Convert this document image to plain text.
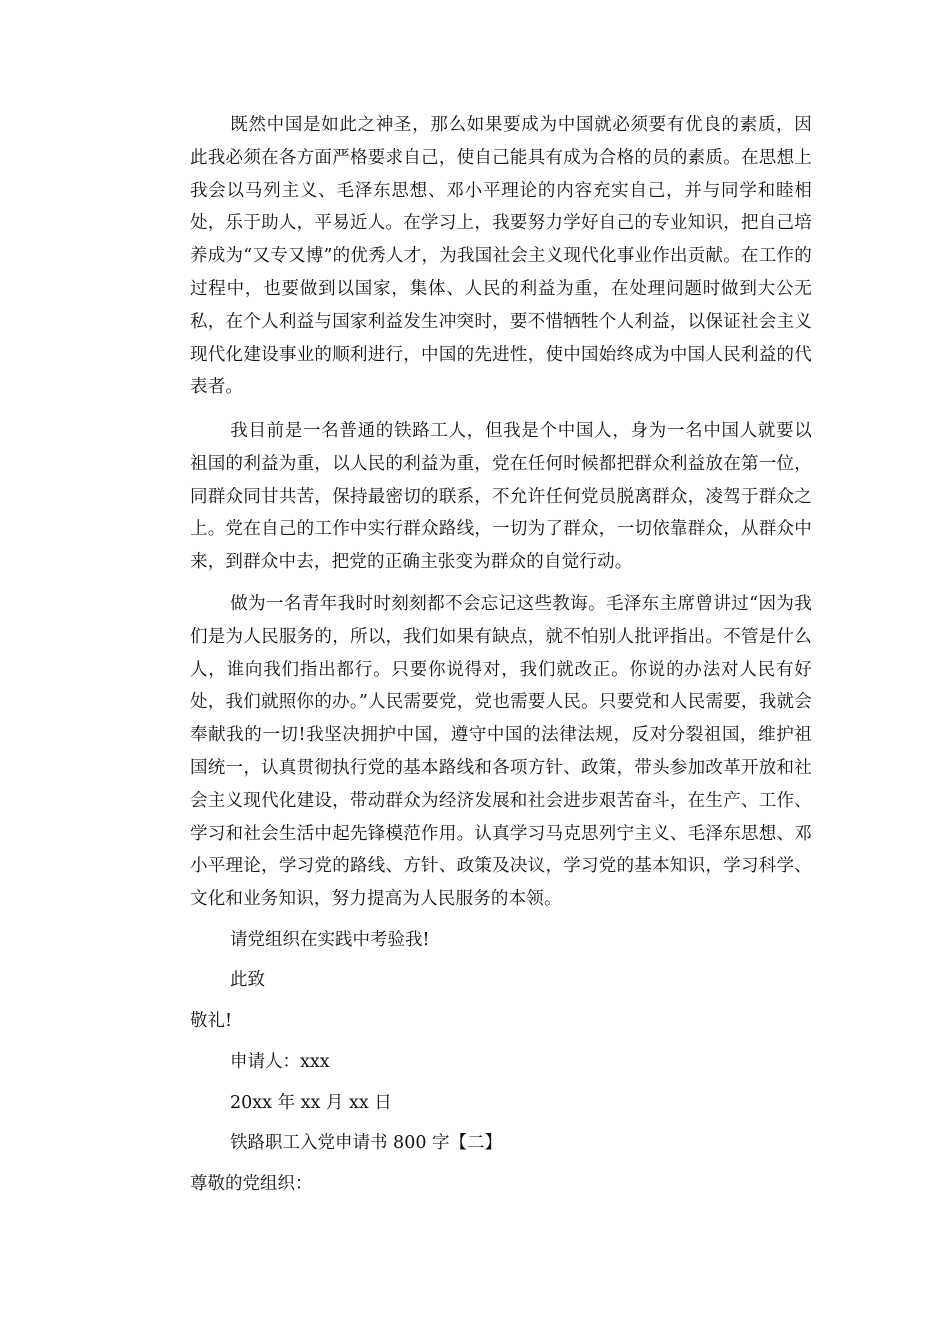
既然中国是如此之神圣，那么如果要成为中国就必须要有优良的素质，因此我必须在各方面严格要求自己，使自己能具有成为合格的员的素质。在思想上我会以马列主义、毛泽东思想、邓小平理论的内容充实自己，并与同学和睦相处，乐于助人，平易近人。在学习上，我要努力学好自己的专业知识，把自己培养成为“又专又博”的优秀人才，为我国社会主义现代化事业作出贡献。在工作的过程中，也要做到以国家，集体、人民的利益为重，在处理问题时做到大公无私，在个人利益与国家利益发生冲突时，要不惜牺牲个人利益，以保证社会主义现代化建设事业的顺利进行，中国的先进性，使中国始终成为中国人民利益的代表者。

我目前是一名普通的铁路工人，但我是个中国人，身为一名中国人就要以祖国的利益为重，以人民的利益为重，党在任何时候都把群众利益放在第一位，同群众同甘共苦，保持最密切的联系，不允许任何党员脱离群众，凌驾于群众之上。党在自己的工作中实行群众路线，一切为了群众，一切依靠群众，从群众中来，到群众中去，把党的正确主张变为群众的自觉行动。

做为一名青年我时时刻刻都不会忘记这些教诲。毛泽东主席曾讲过“因为我们是为人民服务的，所以，我们如果有缺点，就不怕别人批评指出。不管是什么人，谁向我们指出都行。只要你说得对，我们就改正。你说的办法对人民有好处，我们就照你的办。”人民需要党，党也需要人民。只要党和人民需要，我就会奉献我的一切!我坚决拥护中国，遵守中国的法律法规，反对分裂祖国，维护祖国统一，认真贯彻执行党的基本路线和各项方针、政策，带头参加改革开放和社会主义现代化建设，带动群众为经济发展和社会进步艰苦奋斗，在生产、工作、学习和社会生活中起先锋模范作用。认真学习马克思列宁主义、毛泽东思想、邓小平理论，学习党的路线、方针、政策及决议，学习党的基本知识，学习科学、文化和业务知识，努力提高为人民服务的本领。

请党组织在实践中考验我!
此致
敬礼!
申请人：xxx
20xx 年 xx 月 xx 日
铁路职工入党申请书 800 字【二】
尊敬的党组织：
